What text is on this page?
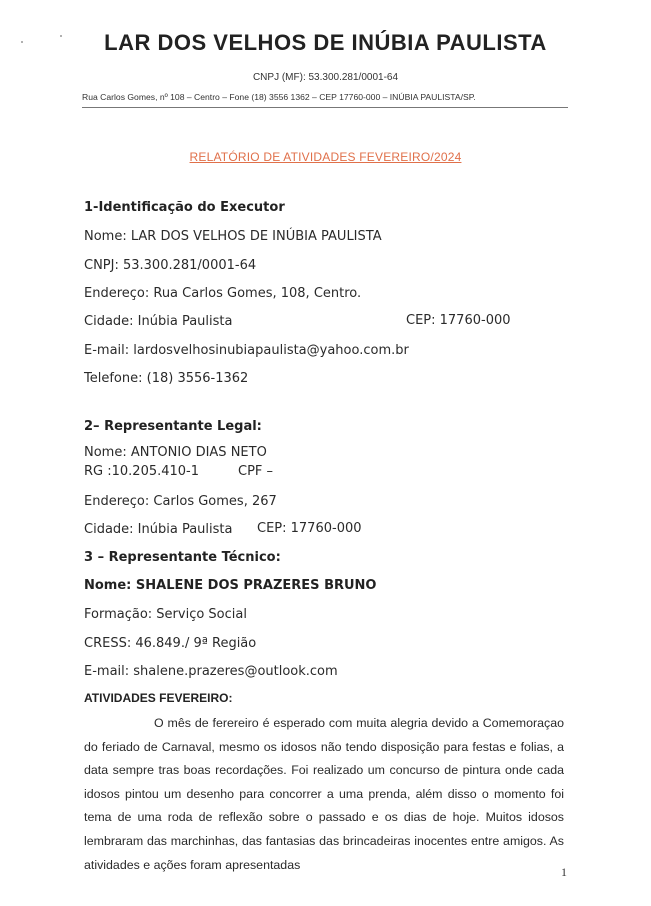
LAR DOS VELHOS DE INÚBIA PAULISTA
CNPJ (MF): 53.300.281/0001-64
Rua Carlos Gomes, nº 108 – Centro – Fone (18) 3556 1362 – CEP 17760-000 – INÚBIA PAULISTA/SP.
RELATÓRIO DE ATIVIDADES FEVEREIRO/2024
1-Identificação do Executor
Nome: LAR DOS VELHOS DE INÚBIA PAULISTA
CNPJ: 53.300.281/0001-64
Endereço: Rua Carlos Gomes, 108, Centro.
Cidade: Inúbia Paulista	CEP: 17760-000
E-mail: lardosvelhosinubiapaulista@yahoo.com.br
Telefone: (18) 3556-1362
2– Representante Legal:
Nome: ANTONIO DIAS NETO
RG :10.205.410-1	CPF –
Endereço: Carlos Gomes, 267
Cidade: Inúbia Paulista CEP: 17760-000
3 – Representante Técnico:
Nome: SHALENE DOS PRAZERES BRUNO
Formação: Serviço Social
CRESS: 46.849./ 9ª Região
E-mail: shalene.prazeres@outlook.com
ATIVIDADES FEVEREIRO:
O mês de ferereiro é esperado com muita alegria devido a Comemoraçao do feriado de Carnaval, mesmo os idosos não tendo disposição para festas e folias, a data sempre tras boas recordações. Foi realizado um concurso de pintura onde cada idosos pintou um desenho para concorrer a uma prenda, além disso o momento foi tema de uma roda de reflexão sobre o passado e os dias de hoje. Muitos idosos lembraram das marchinhas, das fantasias das brincadeiras inocentes entre amigos. As atividades e ações foram apresentadas
1
